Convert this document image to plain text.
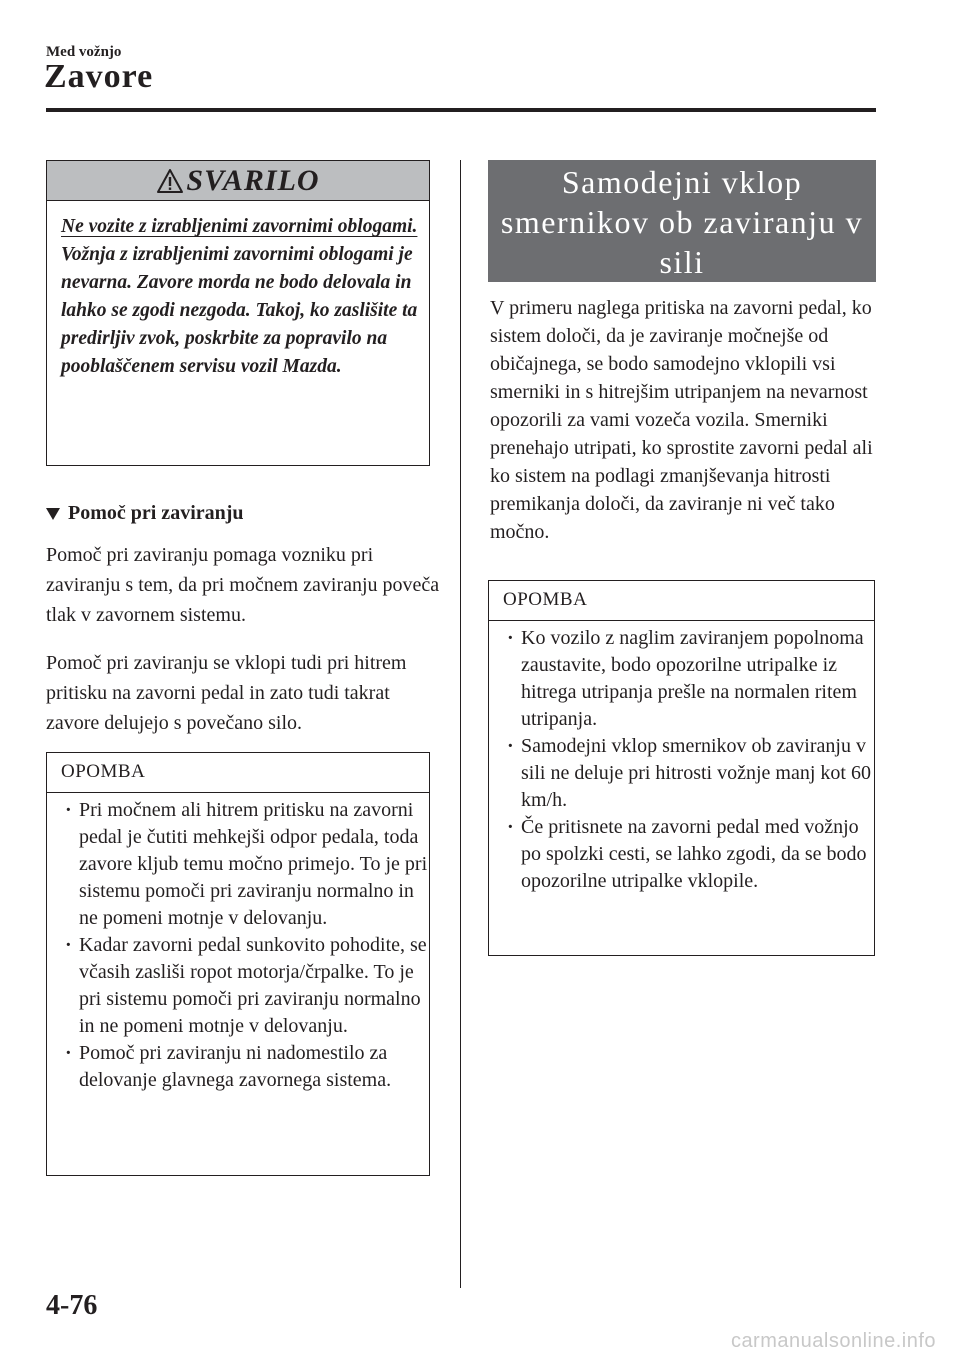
Med vožnjo
Zavore
SVARILO
Ne vozite z izrabljenimi zavornimi oblogami.
Vožnja z izrabljenimi zavornimi oblogami je nevarna. Zavore morda ne bodo delovala in lahko se zgodi nezgoda. Takoj, ko zaslišite ta predirljiv zvok, poskrbite za popravilo na pooblaščenem servisu vozil Mazda.
Pomoč pri zaviranju
Pomoč pri zaviranju pomaga vozniku pri zaviranju s tem, da pri močnem zaviranju poveča tlak v zavornem sistemu.
Pomoč pri zaviranju se vklopi tudi pri hitrem pritisku na zavorni pedal in zato tudi takrat zavore delujejo s povečano silo.
OPOMBA
· Pri močnem ali hitrem pritisku na zavorni pedal je čutiti mehkejši odpor pedala, toda zavore kljub temu močno primejo. To je pri sistemu pomoči pri zaviranju normalno in ne pomeni motnje v delovanju.
· Kadar zavorni pedal sunkovito pohodite, se včasih zasliši ropot motorja/črpalke. To je pri sistemu pomoči pri zaviranju normalno in ne pomeni motnje v delovanju.
· Pomoč pri zaviranju ni nadomestilo za delovanje glavnega zavornega sistema.
Samodejni vklop smernikov ob zaviranju v sili
V primeru naglega pritiska na zavorni pedal, ko sistem določi, da je zaviranje močnejše od običajnega, se bodo samodejno vklopili vsi smerniki in s hitrejšim utripanjem na nevarnost opozorili za vami vozeča vozila. Smerniki prenehajo utripati, ko sprostite zavorni pedal ali ko sistem na podlagi zmanjševanja hitrosti premikanja določi, da zaviranje ni več tako močno.
OPOMBA
· Ko vozilo z naglim zaviranjem popolnoma zaustavite, bodo opozorilne utripalke iz hitrega utripanja prešle na normalen ritem utripanja.
· Samodejni vklop smernikov ob zaviranju v sili ne deluje pri hitrosti vožnje manj kot 60 km/h.
· Če pritisnete na zavorni pedal med vožnjo po spolzki cesti, se lahko zgodi, da se bodo opozorilne utripalke vklopile.
4-76
carmanualsonline.info
